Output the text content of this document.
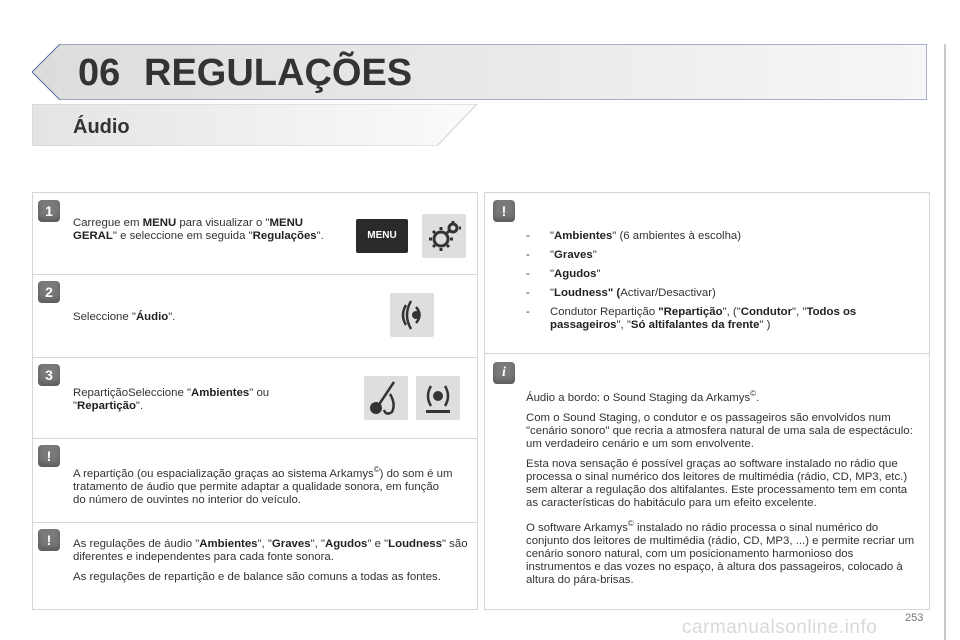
06 REGULAÇÕES
Áudio
1
Carregue em MENU para visualizar o "MENU GERAL" e seleccione em seguida "Regulações".	MENU
2
Seleccione "Áudio".
3
RepartiçãoSeleccione "Ambientes" ou "Repartição".
!
A repartição (ou espacialização graças ao sistema Arkamys©) do som é um tratamento de áudio que permite adaptar a qualidade sonora, em função do número de ouvintes no interior do veículo.
!	As regulações de áudio "Ambientes", "Graves", "Agudos" e "Loudness" são diferentes e independentes para cada fonte sonora.

As regulações de repartição e de balance são comuns a todas as fontes.

!
- "Ambientes" (6 ambientes à escolha)
- "Graves"
- "Agudos"
- "Loudness" (Activar/Desactivar)
- Condutor Repartição "Repartição", ("Condutor", "Todos os passageiros", "Só altifalantes da frente" )
i

Áudio a bordo: o Sound Staging da Arkamys©.

Com o Sound Staging, o condutor e os passageiros são envolvidos num "cenário sonoro" que recria a atmosfera natural de uma sala de espectáculo: um verdadeiro cenário e um som envolvente.

Esta nova sensação é possível graças ao software instalado no rádio que processa o sinal numérico dos leitores de multimédia (rádio, CD, MP3, etc.) sem alterar a regulação dos altifalantes. Este processamento tem em conta as características do habitáculo para um efeito excelente.

O software Arkamys© instalado no rádio processa o sinal numérico do conjunto dos leitores de multimédia (rádio, CD, MP3, ...) e permite recriar um cenário sonoro natural, com um posicionamento harmonioso dos instrumentos e das vozes no espaço, à altura dos passageiros, colocado à altura do pára-brisas.

carmanualsonline.info	253
